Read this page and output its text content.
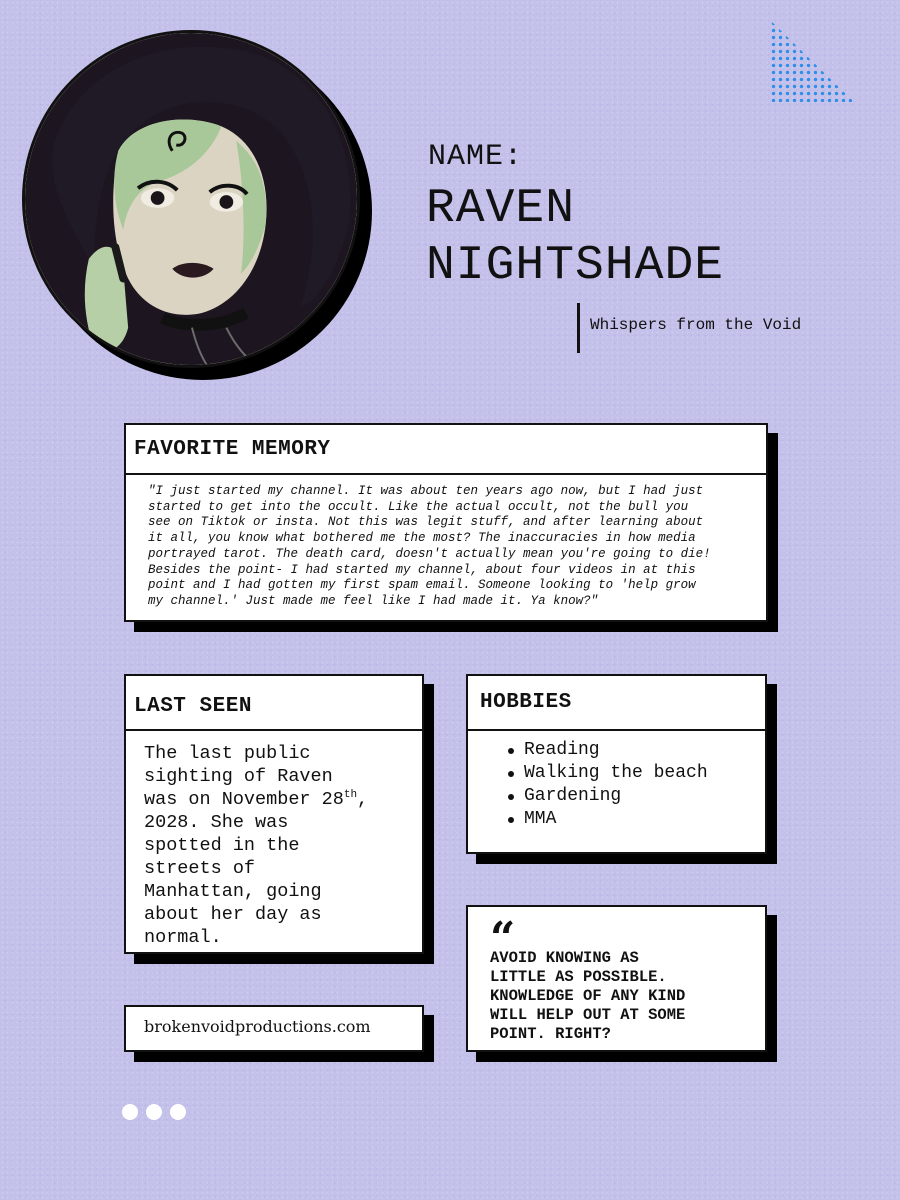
NAME:
RAVEN
NIGHTSHADE
Whispers from the Void
FAVORITE MEMORY
"I just started my channel. It was about ten years ago now, but I had just
started to get into the occult. Like the actual occult, not the bull you
see on Tiktok or insta. Not this was legit stuff, and after learning about
it all, you know what bothered me the most? The inaccuracies in how media
portrayed tarot. The death card, doesn't actually mean you're going to die!
Besides the point- I had started my channel, about four videos in at this
point and I had gotten my first spam email. Someone looking to 'help grow
my channel.' Just made me feel like I had made it. Ya know?"
LAST SEEN
The last public
sighting of Raven
was on November 28th,
2028. She was
spotted in the
streets of
Manhattan, going
about her day as
normal.
HOBBIES
Reading
Walking the beach
Gardening
MMA
“
AVOID KNOWING AS
LITTLE AS POSSIBLE.
KNOWLEDGE OF ANY KIND
WILL HELP OUT AT SOME
POINT. RIGHT?
brokenvoidproductions.com
